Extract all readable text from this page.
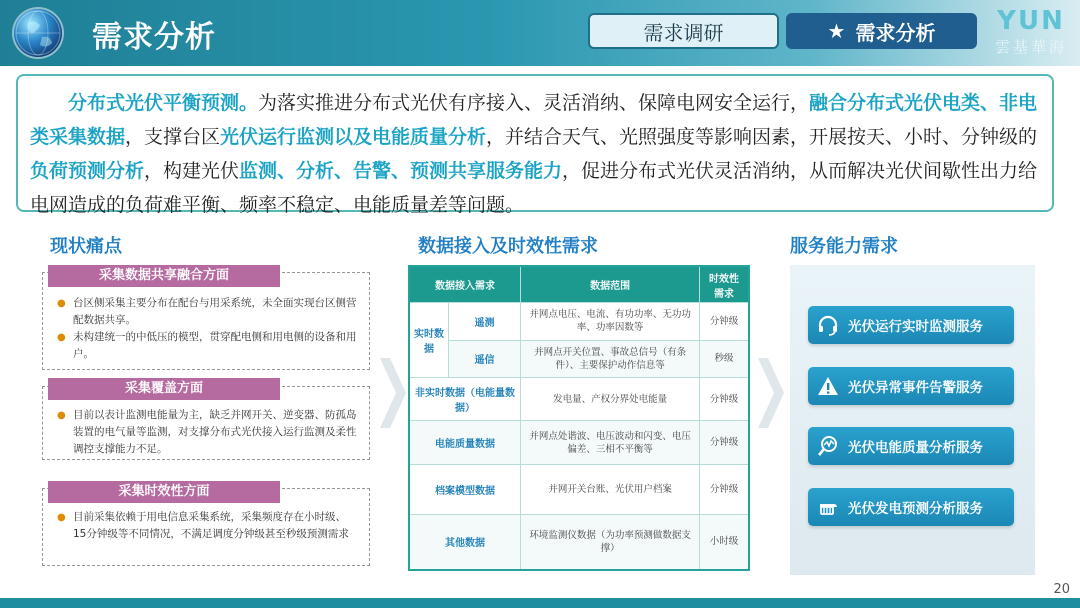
需求分析	需求调研	★ 需求分析	YUN
雲基華海
分布式光伏平衡预测。为落实推进分布式光伏有序接入、灵活消纳、保障电网安全运行，融合分布式光伏电类、非电类采集数据，支撑台区光伏运行监测以及电能质量分析，并结合天气、光照强度等影响因素，开展按天、小时、分钟级的负荷预测分析，构建光伏监测、分析、告警、预测共享服务能力，促进分布式光伏灵活消纳，从而解决光伏间歇性出力给电网造成的负荷难平衡、频率不稳定、电能质量差等问题。
现状痛点	数据接入及时效性需求	服务能力需求
● 台区侧采集主要分布在配台与用采系统，未全面实现台区侧营配数据共享。
● 未构建统一的中低压的模型，贯穿配电侧和用电侧的设备和用户。
采集数据共享融合方面
● 目前以表计监测电能量为主，缺乏并网开关、逆变器、防孤岛装置的电气量等监测，对支撑分布式光伏接入运行监测及柔性调控支撑能力不足。
采集覆盖方面
● 目前采集依赖于用电信息采集系统，采集频度存在小时级、15分钟级等不同情况，不满足调度分钟级甚至秒级预测需求
采集时效性方面
数据接入需求		数据范围	时效性需求
实时数据	遥测	并网点电压、电流、有功功率、无功功率、功率因数等	分钟级
	遥信	并网点开关位置、事故总信号（有条件）、主要保护动作信息等	秒级
非实时数据（电能量数据）		发电量、产权分界处电能量	分钟级
电能质量数据		并网点处谐波、电压波动和闪变、电压偏差、三相不平衡等	分钟级
档案模型数据		并网开关台账、光伏用户档案	分钟级
其他数据		环境监测仪数据（为功率预测做数据支撑）	小时级
光伏运行实时监测服务
光伏异常事件告警服务
光伏电能质量分析服务
光伏发电预测分析服务
20
